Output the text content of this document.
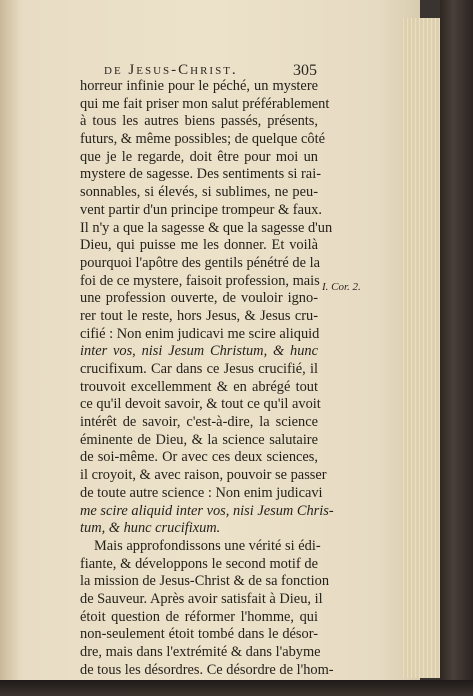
de Jesus-Christ.	305
I. Cor. 2.
horreur infinie pour le péché, un mystere
qui me fait priser mon salut préférablement
à tous les autres biens passés, présents,
futurs, & même possibles; de quelque côté
que je le regarde, doit être pour moi un
mystere de sagesse. Des sentiments si rai-
sonnables, si élevés, si sublimes, ne peu-
vent partir d'un principe trompeur & faux.
Il n'y a que la sagesse & que la sagesse d'un
Dieu, qui puisse me les donner. Et voilà
pourquoi l'apôtre des gentils pénétré de la
foi de ce mystere, faisoit profession, mais
une profession ouverte, de vouloir igno-
rer tout le reste, hors Jesus, & Jesus cru-
cifié : Non enim judicavi me scire aliquid
inter vos, nisi Jesum Christum, & hunc
crucifixum. Car dans ce Jesus crucifié, il
trouvoit excellemment & en abrégé tout
ce qu'il devoit savoir, & tout ce qu'il avoit
intérêt de savoir, c'est-à-dire, la science
éminente de Dieu, & la science salutaire
de soi-même. Or avec ces deux sciences,
il croyoit, & avec raison, pouvoir se passer
de toute autre science : Non enim judicavi
me scire aliquid inter vos, nisi Jesum Chris-
tum, & hunc crucifixum.
Mais approfondissons une vérité si édi-
fiante, & développons le second motif de
la mission de Jesus-Christ & de sa fonction
de Sauveur. Après avoir satisfait à Dieu, il
étoit question de réformer l'homme, qui
non-seulement étoit tombé dans le désor-
dre, mais dans l'extrémité & dans l'abyme
de tous les désordres. Ce désordre de l'hom-
